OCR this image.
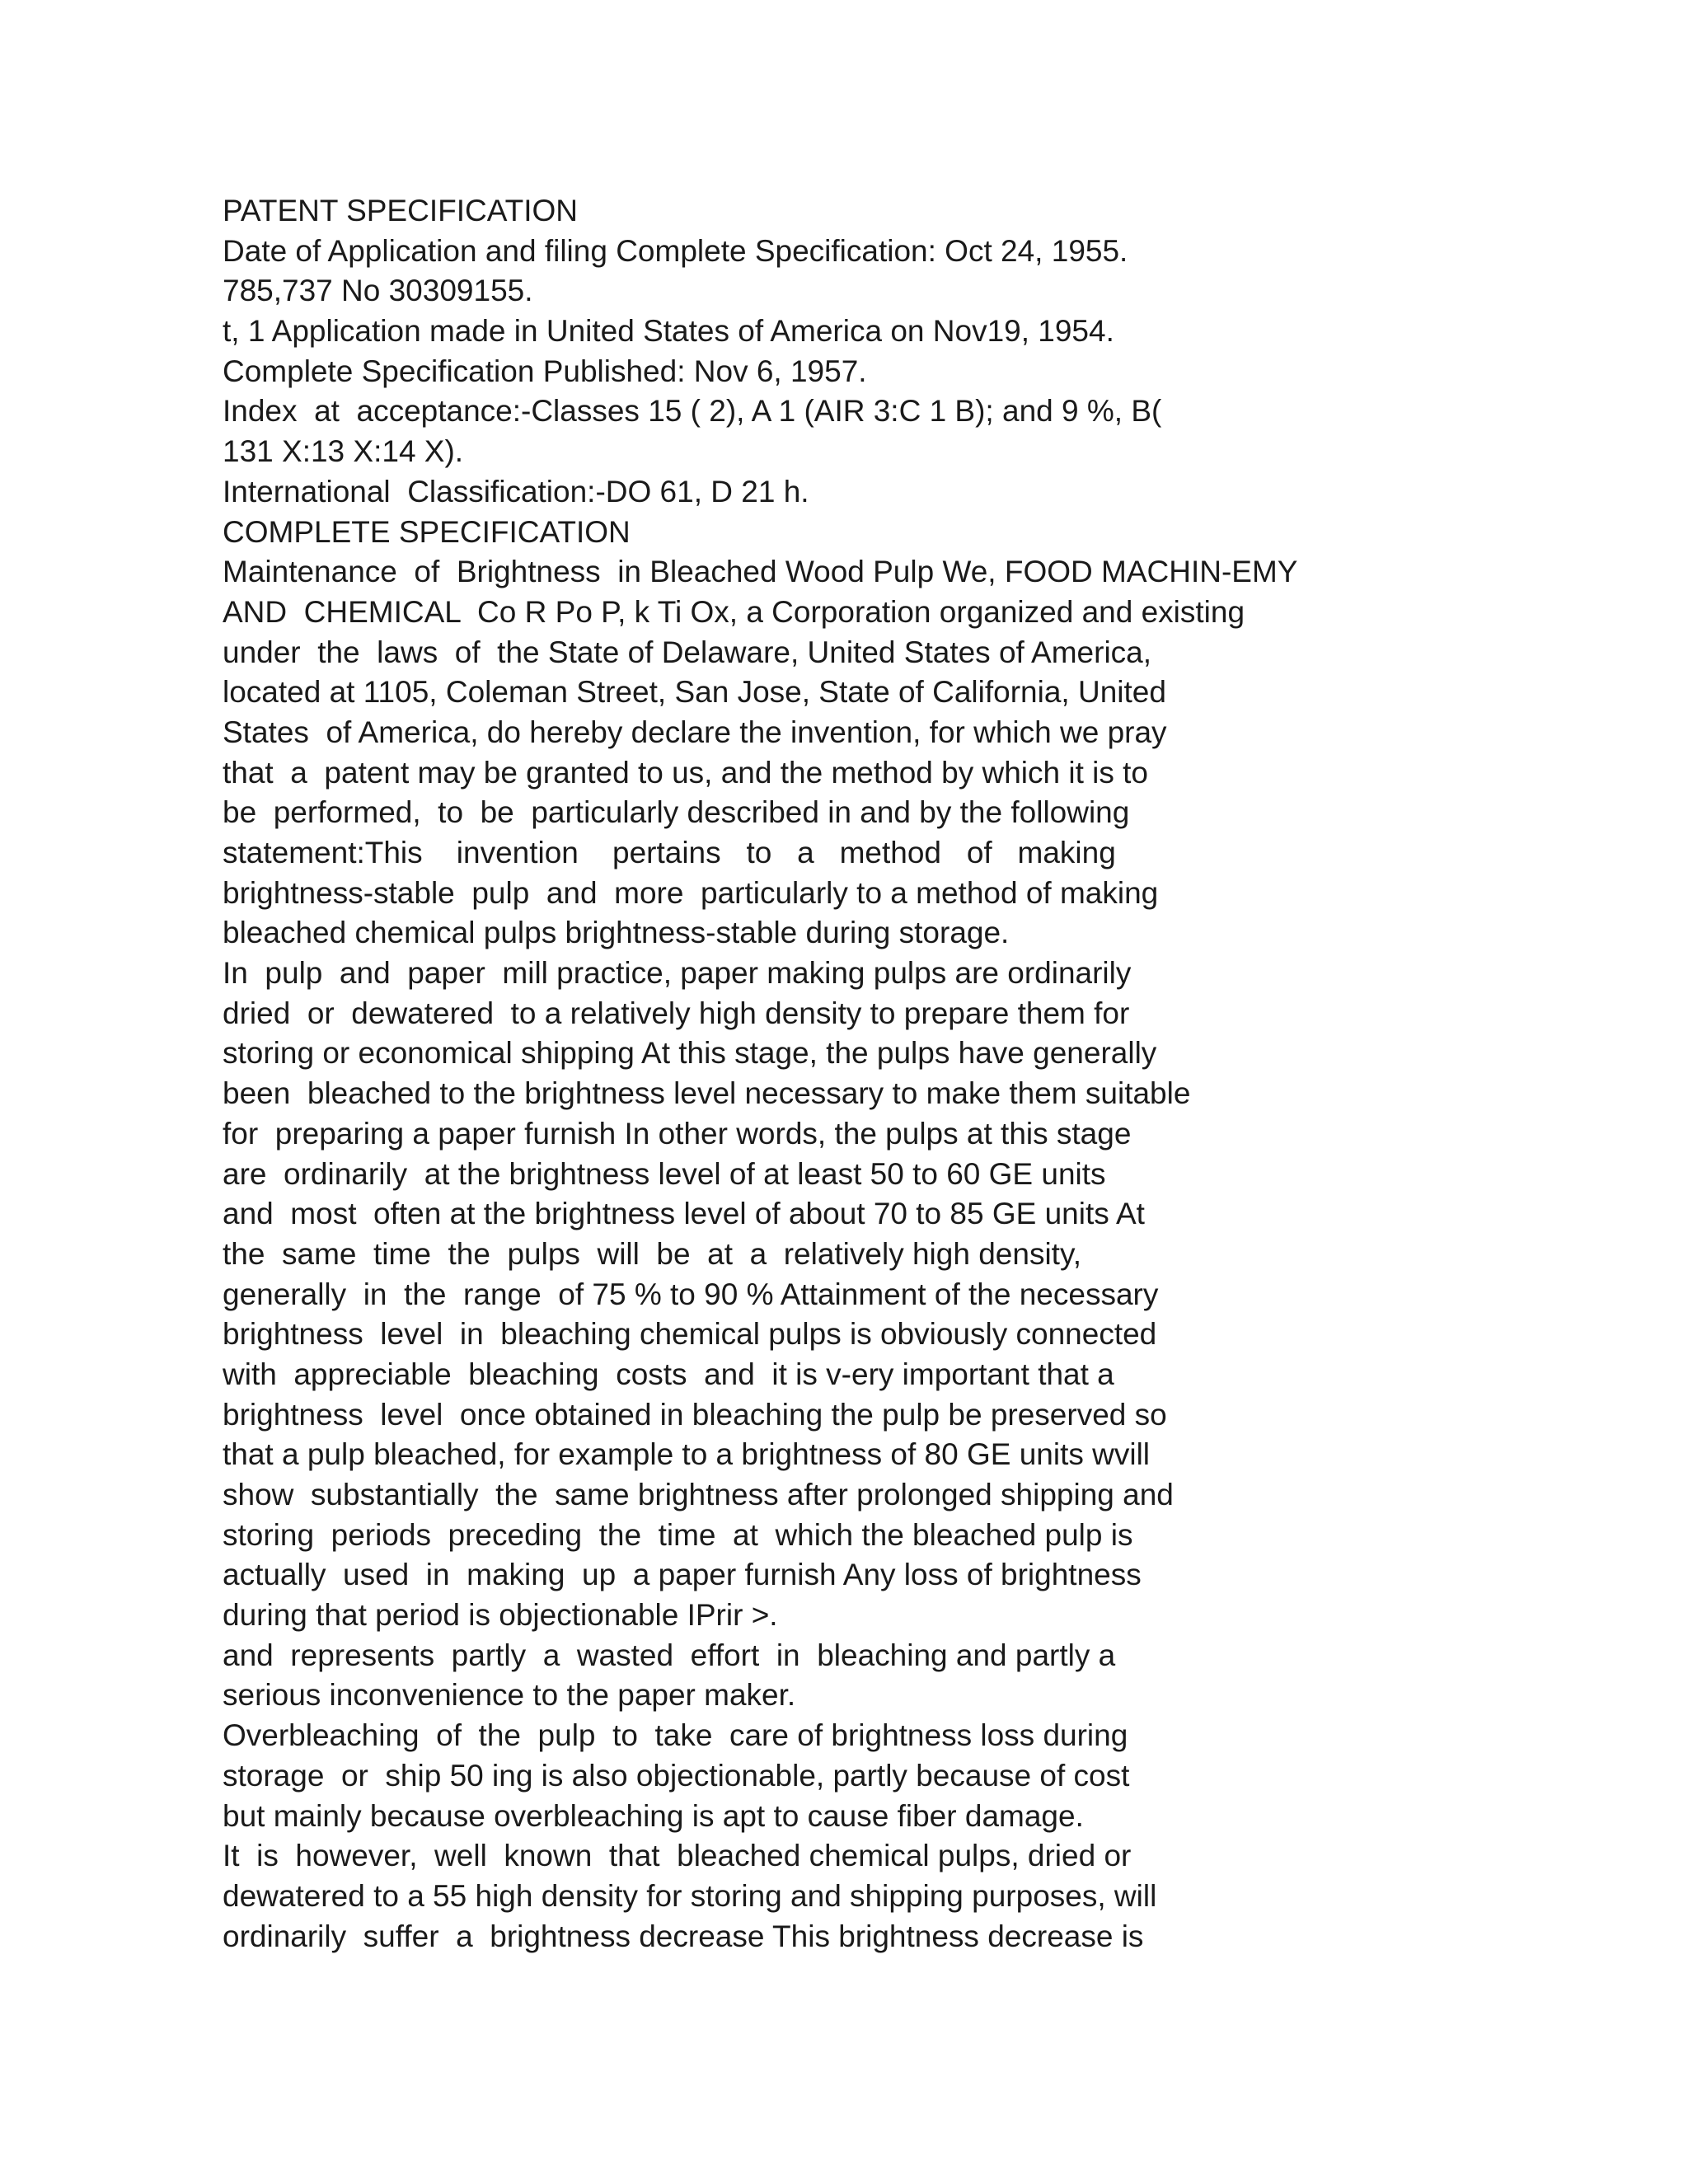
PATENT SPECIFICATION
Date of Application and filing Complete Specification: Oct 24, 1955.
785,737 No 30309155.
t, 1 Application made in United States of America on Nov19, 1954.
Complete Specification Published: Nov 6, 1957.
Index  at  acceptance:-Classes 15 ( 2), A 1 (AIR 3:C 1 B); and 9 %, B(
131 X:13 X:14 X).
International  Classification:-DO 61, D 21 h.
COMPLETE SPECIFICATION
Maintenance  of  Brightness  in Bleached Wood Pulp We, FOOD MACHIN-EMY
AND  CHEMICAL  Co R Po P, k Ti Ox, a Corporation organized and existing
under  the  laws  of  the State of Delaware, United States of America,
located at 1105, Coleman Street, San Jose, State of California, United
States  of America, do hereby declare the invention, for which we pray
that  a  patent may be granted to us, and the method by which it is to
be  performed,  to  be  particularly described in and by the following
statement:This    invention    pertains   to   a   method   of   making
brightness-stable  pulp  and  more  particularly to a method of making
bleached chemical pulps brightness-stable during storage.
In  pulp  and  paper  mill practice, paper making pulps are ordinarily
dried  or  dewatered  to a relatively high density to prepare them for
storing or economical shipping At this stage, the pulps have generally
been  bleached to the brightness level necessary to make them suitable
for  preparing a paper furnish In other words, the pulps at this stage
are  ordinarily  at the brightness level of at least 50 to 60 GE units
and  most  often at the brightness level of about 70 to 85 GE units At
the  same  time  the  pulps  will  be  at  a  relatively high density,
generally  in  the  range  of 75 % to 90 % Attainment of the necessary
brightness  level  in  bleaching chemical pulps is obviously connected
with  appreciable  bleaching  costs  and  it is v-ery important that a
brightness  level  once obtained in bleaching the pulp be preserved so
that a pulp bleached, for example to a brightness of 80 GE units wvill
show  substantially  the  same brightness after prolonged shipping and
storing  periods  preceding  the  time  at  which the bleached pulp is
actually  used  in  making  up  a paper furnish Any loss of brightness
during that period is objectionable IPrir >.
and  represents  partly  a  wasted  effort  in  bleaching and partly a
serious inconvenience to the paper maker.
Overbleaching  of  the  pulp  to  take  care of brightness loss during
storage  or  ship 50 ing is also objectionable, partly because of cost
but mainly because overbleaching is apt to cause fiber damage.
It  is  however,  well  known  that  bleached chemical pulps, dried or
dewatered to a 55 high density for storing and shipping purposes, will
ordinarily  suffer  a  brightness decrease This brightness decrease is
